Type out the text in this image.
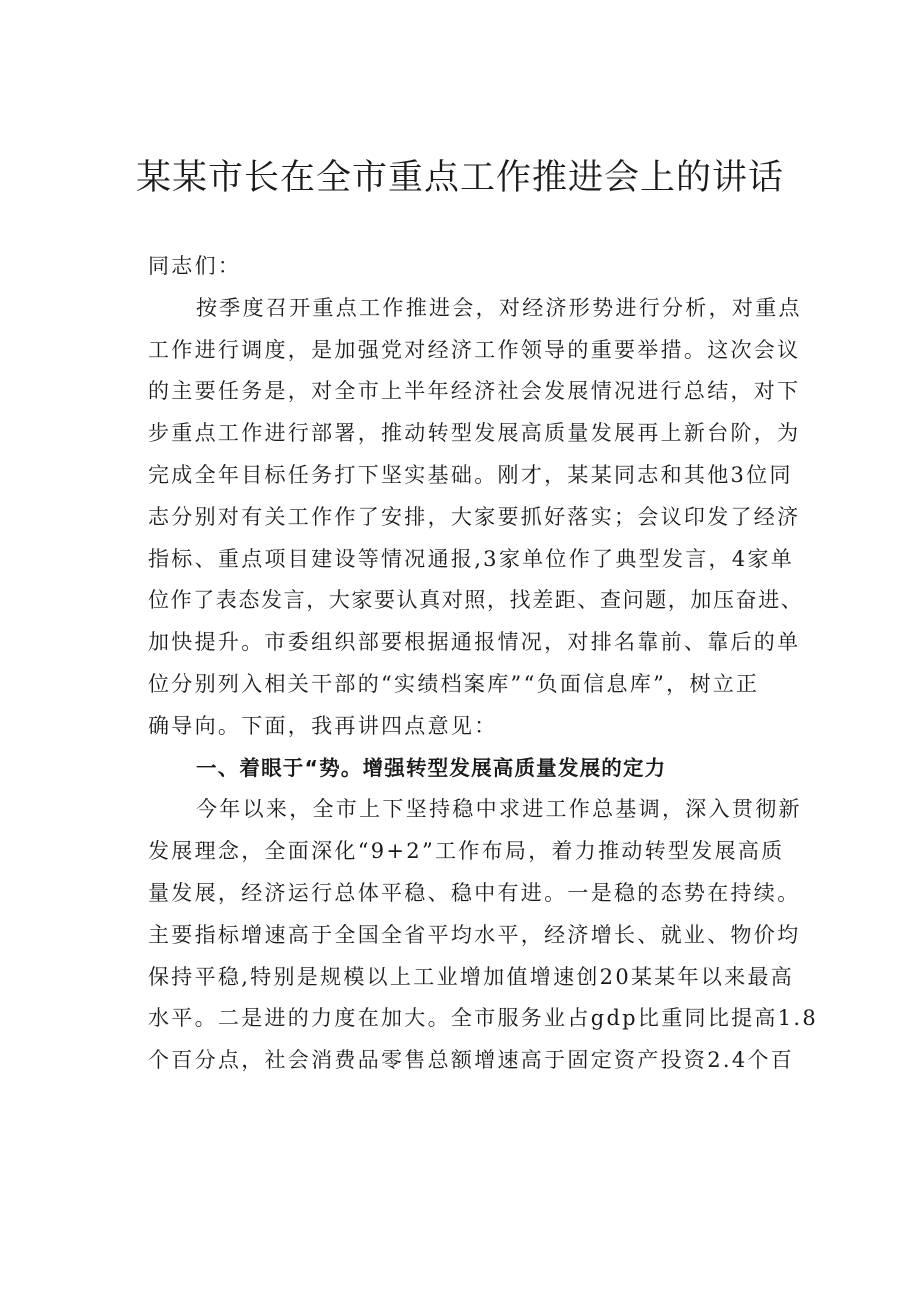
某某市长在全市重点工作推进会上的讲话
同志们：
按季度召开重点工作推进会，对经济形势进行分析，对重点
工作进行调度，是加强党对经济工作领导的重要举措。这次会议
的主要任务是，对全市上半年经济社会发展情况进行总结，对下
步重点工作进行部署，推动转型发展高质量发展再上新台阶，为
完成全年目标任务打下坚实基础。刚才，某某同志和其他3位同
志分别对有关工作作了安排，大家要抓好落实；会议印发了经济
指标、重点项目建设等情况通报,3家单位作了典型发言，4家单
位作了表态发言，大家要认真对照，找差距、查问题，加压奋进、
加快提升。市委组织部要根据通报情况，对排名靠前、靠后的单
位分别列入相关干部的“实绩档案库”“负面信息库”，树立正
确导向。下面，我再讲四点意见：
一、着眼于“势。增强转型发展高质量发展的定力
今年以来，全市上下坚持稳中求进工作总基调，深入贯彻新
发展理念，全面深化“9+2”工作布局，着力推动转型发展高质
量发展，经济运行总体平稳、稳中有进。一是稳的态势在持续。
主要指标增速高于全国全省平均水平，经济增长、就业、物价均
保持平稳,特别是规模以上工业增加值增速创20某某年以来最高
水平。二是进的力度在加大。全市服务业占gdp比重同比提高1.8
个百分点，社会消费品零售总额增速高于固定资产投资2.4个百
